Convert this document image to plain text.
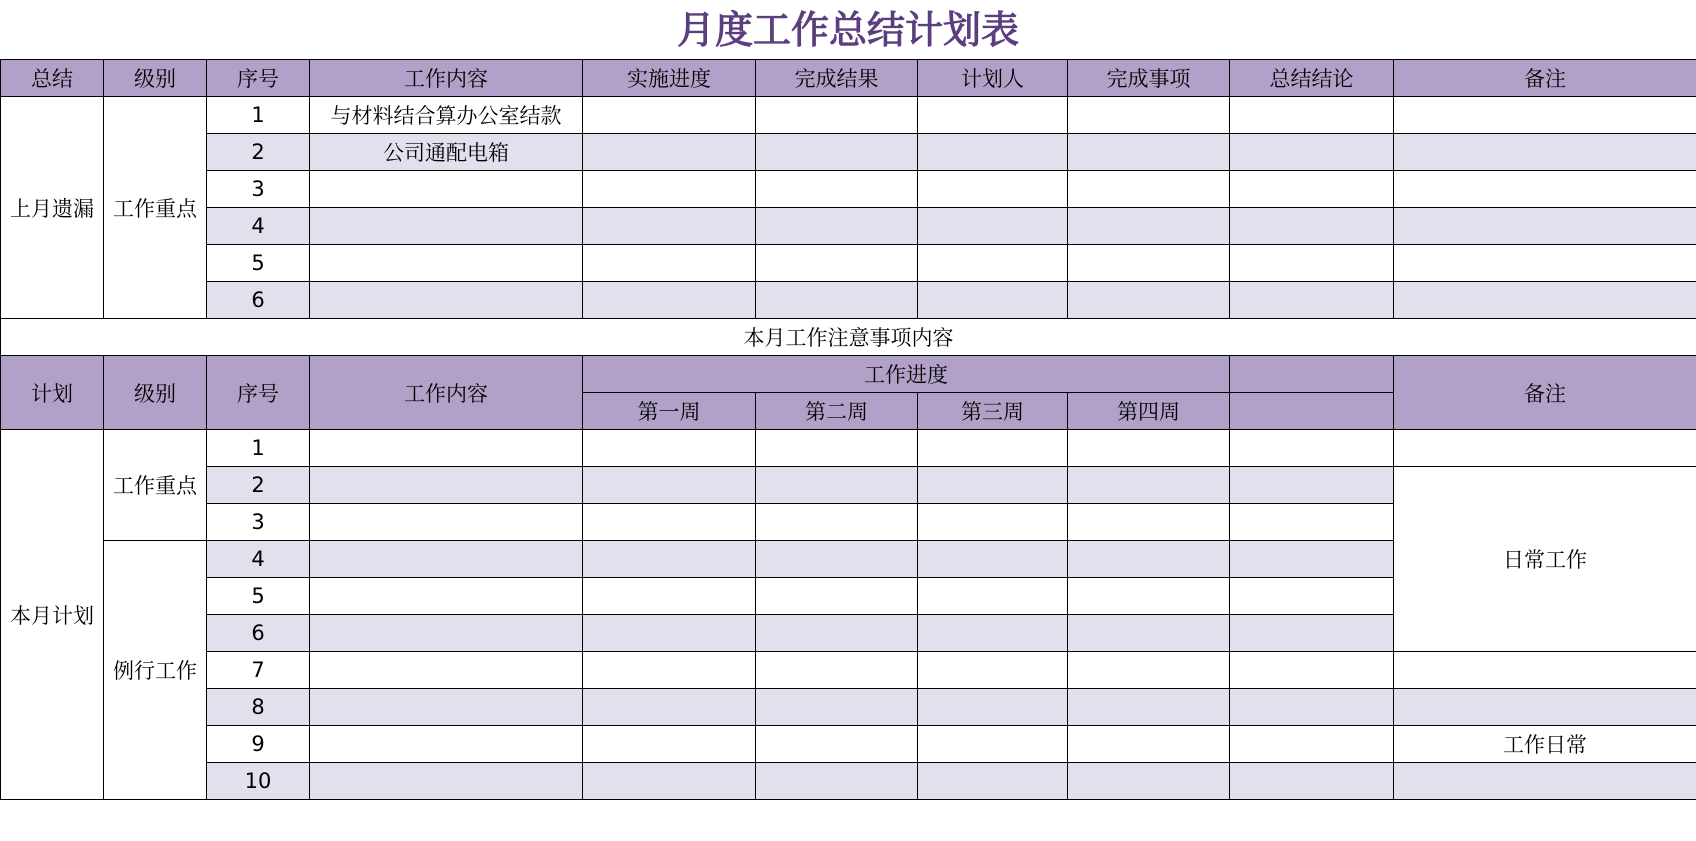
月度工作总结计划表
总结	级别	序号	工作内容	实施进度	完成结果	计划人	完成事项	总结结论	备注
上月遗漏	工作重点	1	与材料结合算办公室结款						
		2	公司通配电箱						
		3							
		4							
		5							
		6							
本月工作注意事项内容									
计划	级别	序号	工作内容	工作进度					备注
				第一周	第二周	第三周	第四周		
本月计划	工作重点	1							
		2							日常工作
		3							
	例行工作	4							
		5							
		6							
		7							
		8							
		9							工作日常
		10							
